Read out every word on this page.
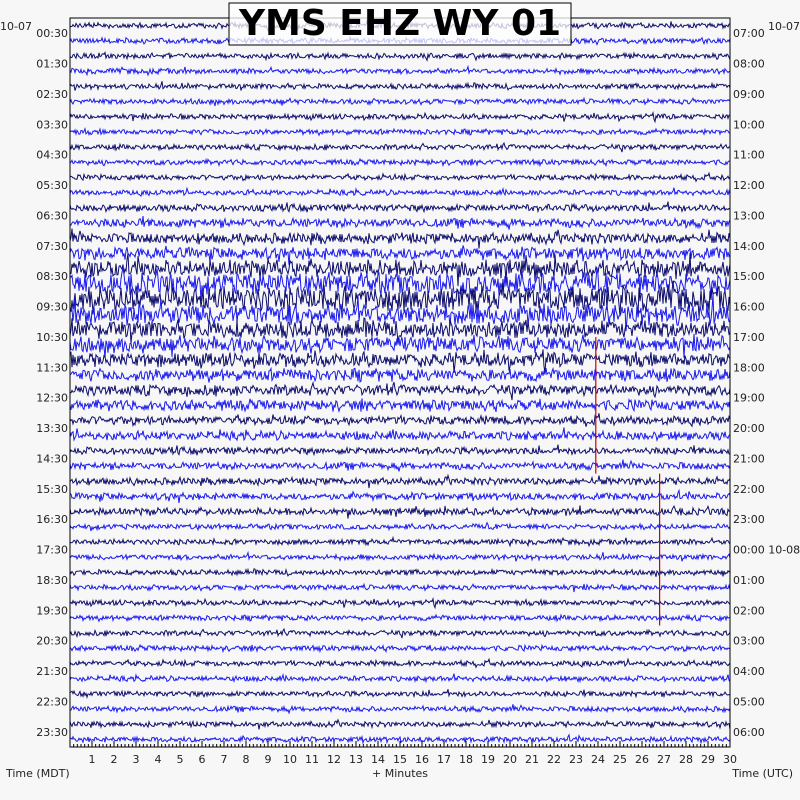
1 2 3 4 5 6 7 8 9 10 11 12 13 14 15 16 17 18 19 20 21 22 23 24 25 26 27 28 29 30
00:30
01:30
02:30
03:30
04:30
05:30
06:30
07:30
08:30
09:30
10:30
11:30
12:30
13:30
14:30
15:30
16:30
17:30
18:30
19:30
20:30
21:30
22:30
23:30
07:00
08:00
09:00
10:00
11:00
12:00
13:00
14:00
15:00
16:00
17:00
18:00
19:00
20:00
21:00
22:00
23:00
00:00 10-08
01:00
02:00
03:00
04:00
05:00
06:00
10-07	10-07
YMS EHZ WY 01
Time (MDT)	+ Minutes	Time (UTC)
